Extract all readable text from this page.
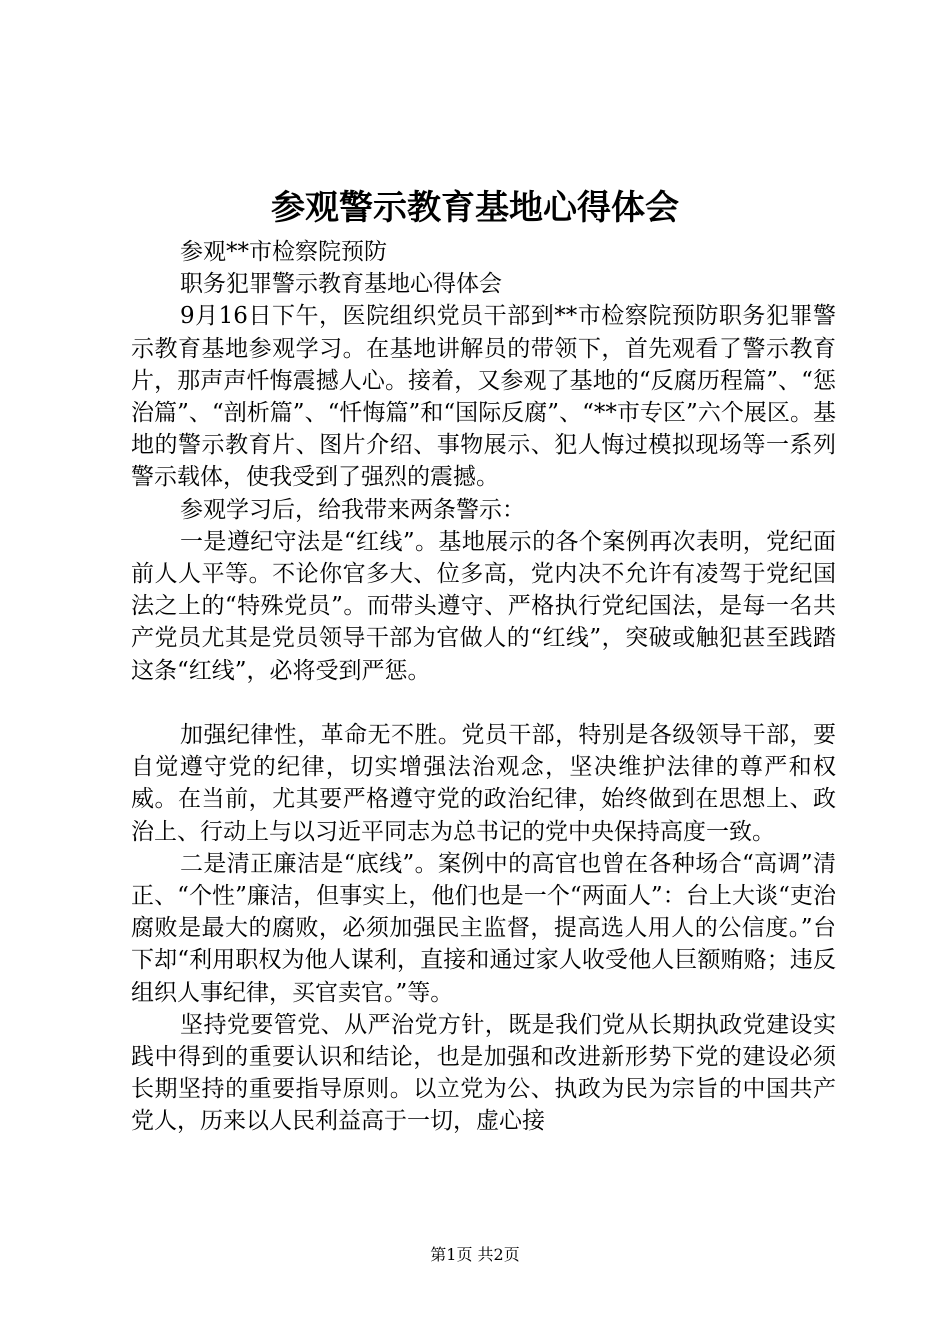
参观警示教育基地心得体会

参观**市检察院预防

职务犯罪警示教育基地心得体会

9月16日下午，医院组织党员干部到**市检察院预防职务犯罪警示教育基地参观学习。在基地讲解员的带领下，首先观看了警示教育片，那声声忏悔震撼人心。接着，又参观了基地的“反腐历程篇”、“惩治篇”、“剖析篇”、“忏悔篇”和“国际反腐”、“**市专区”六个展区。基地的警示教育片、图片介绍、事物展示、犯人悔过模拟现场等一系列警示载体，使我受到了强烈的震撼。

参观学习后，给我带来两条警示：

一是遵纪守法是“红线”。基地展示的各个案例再次表明，党纪面前人人平等。不论你官多大、位多高，党内决不允许有凌驾于党纪国法之上的“特殊党员”。而带头遵守、严格执行党纪国法，是每一名共产党员尤其是党员领导干部为官做人的“红线”，突破或触犯甚至践踏这条“红线”，必将受到严惩。

加强纪律性，革命无不胜。党员干部，特别是各级领导干部，要自觉遵守党的纪律，切实增强法治观念，坚决维护法律的尊严和权威。在当前，尤其要严格遵守党的政治纪律，始终做到在思想上、政治上、行动上与以习近平同志为总书记的党中央保持高度一致。

二是清正廉洁是“底线”。案例中的高官也曾在各种场合“高调”清正、“个性”廉洁，但事实上，他们也是一个“两面人”：台上大谈“吏治腐败是最大的腐败，必须加强民主监督，提高选人用人的公信度。”台下却“利用职权为他人谋利，直接和通过家人收受他人巨额贿赂；违反组织人事纪律，买官卖官。”等。

坚持党要管党、从严治党方针，既是我们党从长期执政党建设实践中得到的重要认识和结论，也是加强和改进新形势下党的建设必须长期坚持的重要指导原则。以立党为公、执政为民为宗旨的中国共产党人，历来以人民利益高于一切，虚心接

第1页 共2页
